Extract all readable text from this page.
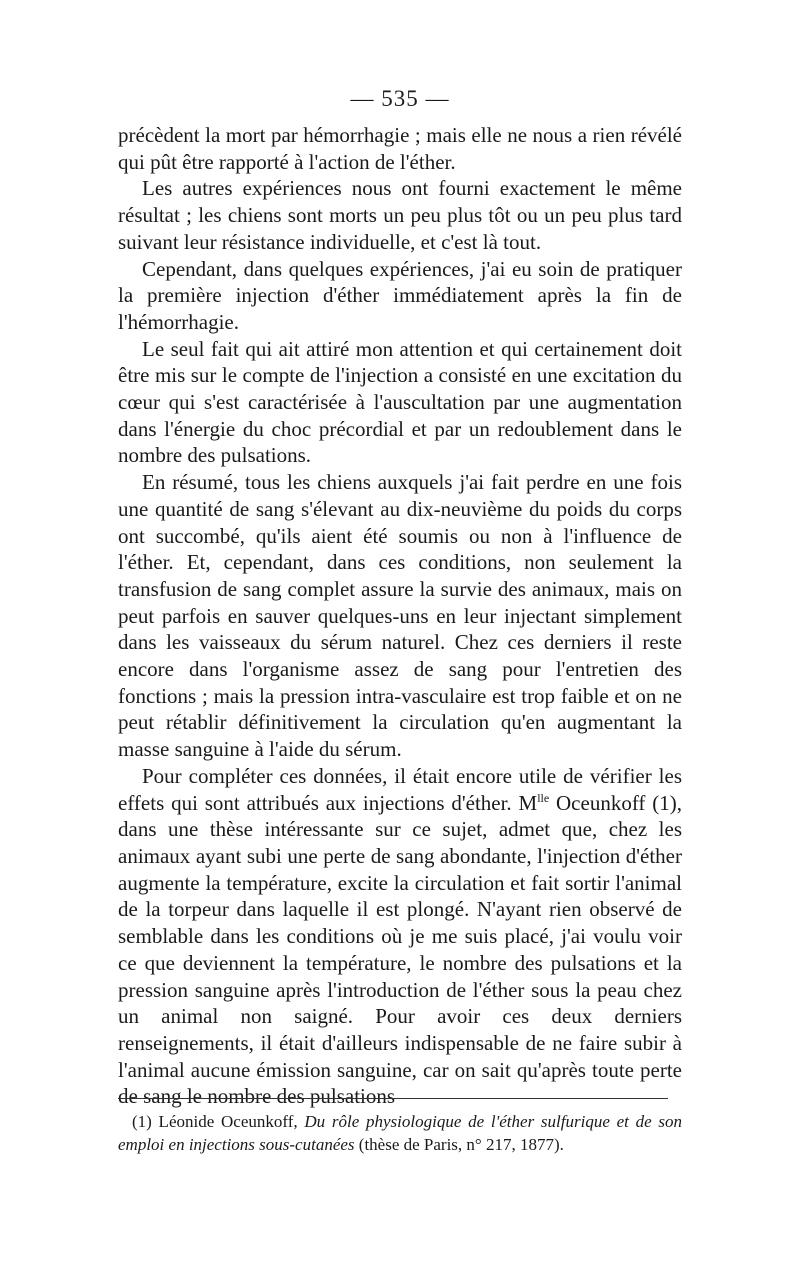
— 535 —

précèdent la mort par hémorrhagie ; mais elle ne nous a rien révélé qui pût être rapporté à l'action de l'éther.

Les autres expériences nous ont fourni exactement le même résultat ; les chiens sont morts un peu plus tôt ou un peu plus tard suivant leur résistance individuelle, et c'est là tout.

Cependant, dans quelques expériences, j'ai eu soin de pratiquer la première injection d'éther immédiatement après la fin de l'hémorrhagie.

Le seul fait qui ait attiré mon attention et qui certainement doit être mis sur le compte de l'injection a consisté en une excitation du cœur qui s'est caractérisée à l'auscultation par une augmentation dans l'énergie du choc précordial et par un redoublement dans le nombre des pulsations.

En résumé, tous les chiens auxquels j'ai fait perdre en une fois une quantité de sang s'élevant au dix-neuvième du poids du corps ont succombé, qu'ils aient été soumis ou non à l'influence de l'éther. Et, cependant, dans ces conditions, non seulement la transfusion de sang complet assure la survie des animaux, mais on peut parfois en sauver quelques-uns en leur injectant simplement dans les vaisseaux du sérum naturel. Chez ces derniers il reste encore dans l'organisme assez de sang pour l'entretien des fonctions ; mais la pression intra-vasculaire est trop faible et on ne peut rétablir définitivement la circulation qu'en augmentant la masse sanguine à l'aide du sérum.

Pour compléter ces données, il était encore utile de vérifier les effets qui sont attribués aux injections d'éther. $M^{lle}$ Oceunkoff (1), dans une thèse intéressante sur ce sujet, admet que, chez les animaux ayant subi une perte de sang abondante, l'injection d'éther augmente la température, excite la circulation et fait sortir l'animal de la torpeur dans laquelle il est plongé. N'ayant rien observé de semblable dans les conditions où je me suis placé, j'ai voulu voir ce que deviennent la température, le nombre des pulsations et la pression sanguine après l'introduction de l'éther sous la peau chez un animal non saigné. Pour avoir ces deux derniers renseignements, il était d'ailleurs indispensable de ne faire subir à l'animal aucune émission sanguine, car on sait qu'après toute perte de sang le nombre des pulsations

(1) Léonide Oceunkoff, Du rôle physiologique de l'éther sulfurique et de son emploi en injections sous-cutanées (thèse de Paris, n° 217, 1877).
